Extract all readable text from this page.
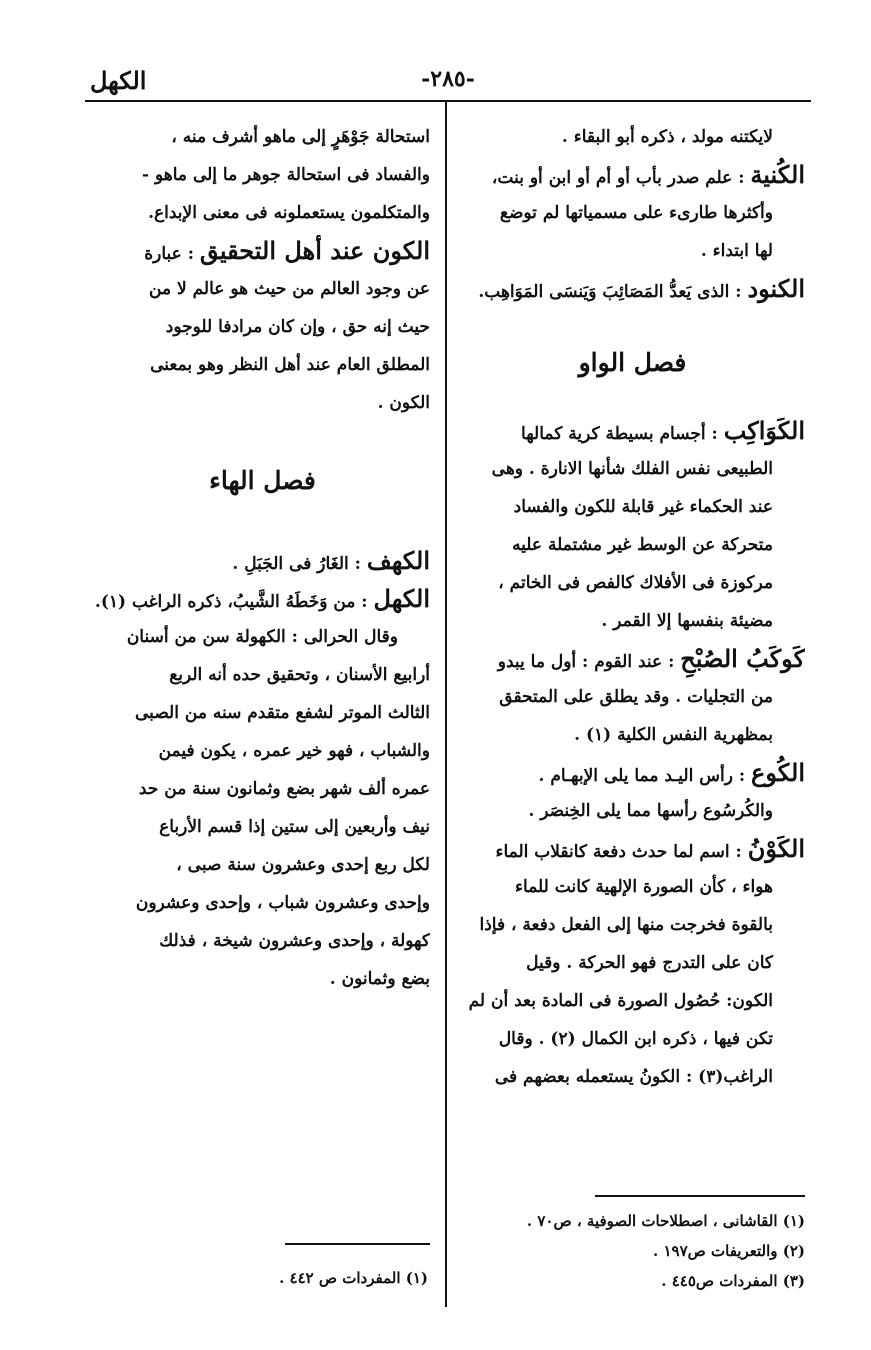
-٢٨٥-
الكهل
لايكتنه مولد ، ذكره أبو البقاء .
الكُنية : علم صدر بأب أو أم أو ابن أو بنت،
وأكثرها طارىء على مسمياتها لم توضع
لها ابتداء .
الكنود : الذى يَعدُّ المَصَائِبَ وَيَنسَى المَوَاهِب.
فصل الواو
الكَوَاكِب : أجسام بسيطة كرية كمالها
الطبيعى نفس الفلك شأنها الانارة . وهى
عند الحكماء غير قابلة للكون والفساد
متحركة عن الوسط غير مشتملة عليه
مركوزة فى الأفلاك كالفص فى الخاتم ،
مضيئة بنفسها إلا القمر .
كَوكَبُ الصُبْحِ : عند القوم : أول ما يبدو
من التجليات . وقد يطلق على المتحقق
بمظهرية النفس الكلية (١) .
الكُوع : رأس اليـد مما يلى الإبهـام .
والكُرسُوع رأسها مما يلى الخِنصَر .
الكَوْنُ : اسم لما حدث دفعة كانقلاب الماء
هواء ، كأن الصورة الإلهية كانت للماء
بالقوة فخرجت منها إلى الفعل دفعة ، فإذا
كان على التدرج فهو الحركة . وقيل
الكون: حُصُول الصورة فى المادة بعد أن لم
تكن فيها ، ذكره ابن الكمال (٢) . وقال
الراغب(٣) : الكونُ يستعمله بعضهم فى
استحالة جَوْهَرٍ إلى ماهو أشرف منه ،
والفساد فى استحالة جوهر ما إلى ماهو -
والمتكلمون يستعملونه فى معنى الإبداع.
الكون عند أهل التحقيق : عبارة
عن وجود العالم من حيث هو عالم لا من
حيث إنه حق ، وإن كان مرادفا للوجود
المطلق العام عند أهل النظر وهو بمعنى
الكون .
فصل الهاء
الكهف : الغَارُ فى الجَبَلِ .
الكهل : من وَخَطَهُ الشَّيبُ، ذكره الراغب (١).
وقال الحرالى : الكهولة سن من أسنان
أرابيع الأسنان ، وتحقيق حده أنه الربع
الثالث الموتر لشفع متقدم سنه من الصبى
والشباب ، فهو خير عمره ، يكون فيمن
عمره ألف شهر بضع وثمانون سنة من حد
نيف وأربعين إلى ستين إذا قسم الأرباع
لكل ربع إحدى وعشرون سنة صبى ،
وإحدى وعشرون شباب ، وإحدى وعشرون
كهولة ، وإحدى وعشرون شيخة ، فذلك
بضع وثمانون .
(١) القاشانى ، اصطلاحات الصوفية ، ص٧٠ .
(٢) والتعريفات ص١٩٧ .
(٣) المفردات ص٤٤٥ .
(١) المفردات ص ٤٤٢ .
